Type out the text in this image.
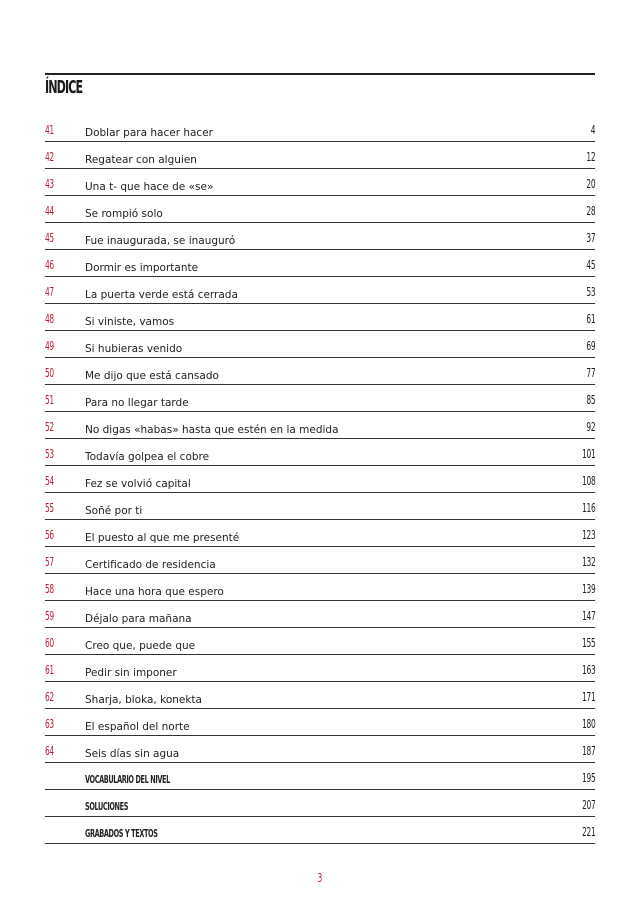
ÍNDICE
41	Doblar para hacer hacer	4
42	Regatear con alguien	12
43	Una t- que hace de «se»	20
44	Se rompió solo	28
45	Fue inaugurada, se inauguró	37
46	Dormir es importante	45
47	La puerta verde está cerrada	53
48	Si viniste, vamos	61
49	Si hubieras venido	69
50	Me dijo que está cansado	77
51	Para no llegar tarde	85
52	No digas «habas» hasta que estén en la medida	92
53	Todavía golpea el cobre	101
54	Fez se volvió capital	108
55	Soñé por ti	116
56	El puesto al que me presenté	123
57	Certificado de residencia	132
58	Hace una hora que espero	139
59	Déjalo para mañana	147
60	Creo que, puede que	155
61	Pedir sin imponer	163
62	Sharja, bloka, konekta	171
63	El español del norte	180
64	Seis días sin agua	187
VOCABULARIO DEL NIVEL	195
SOLUCIONES	207
GRABADOS Y TEXTOS	221
3
